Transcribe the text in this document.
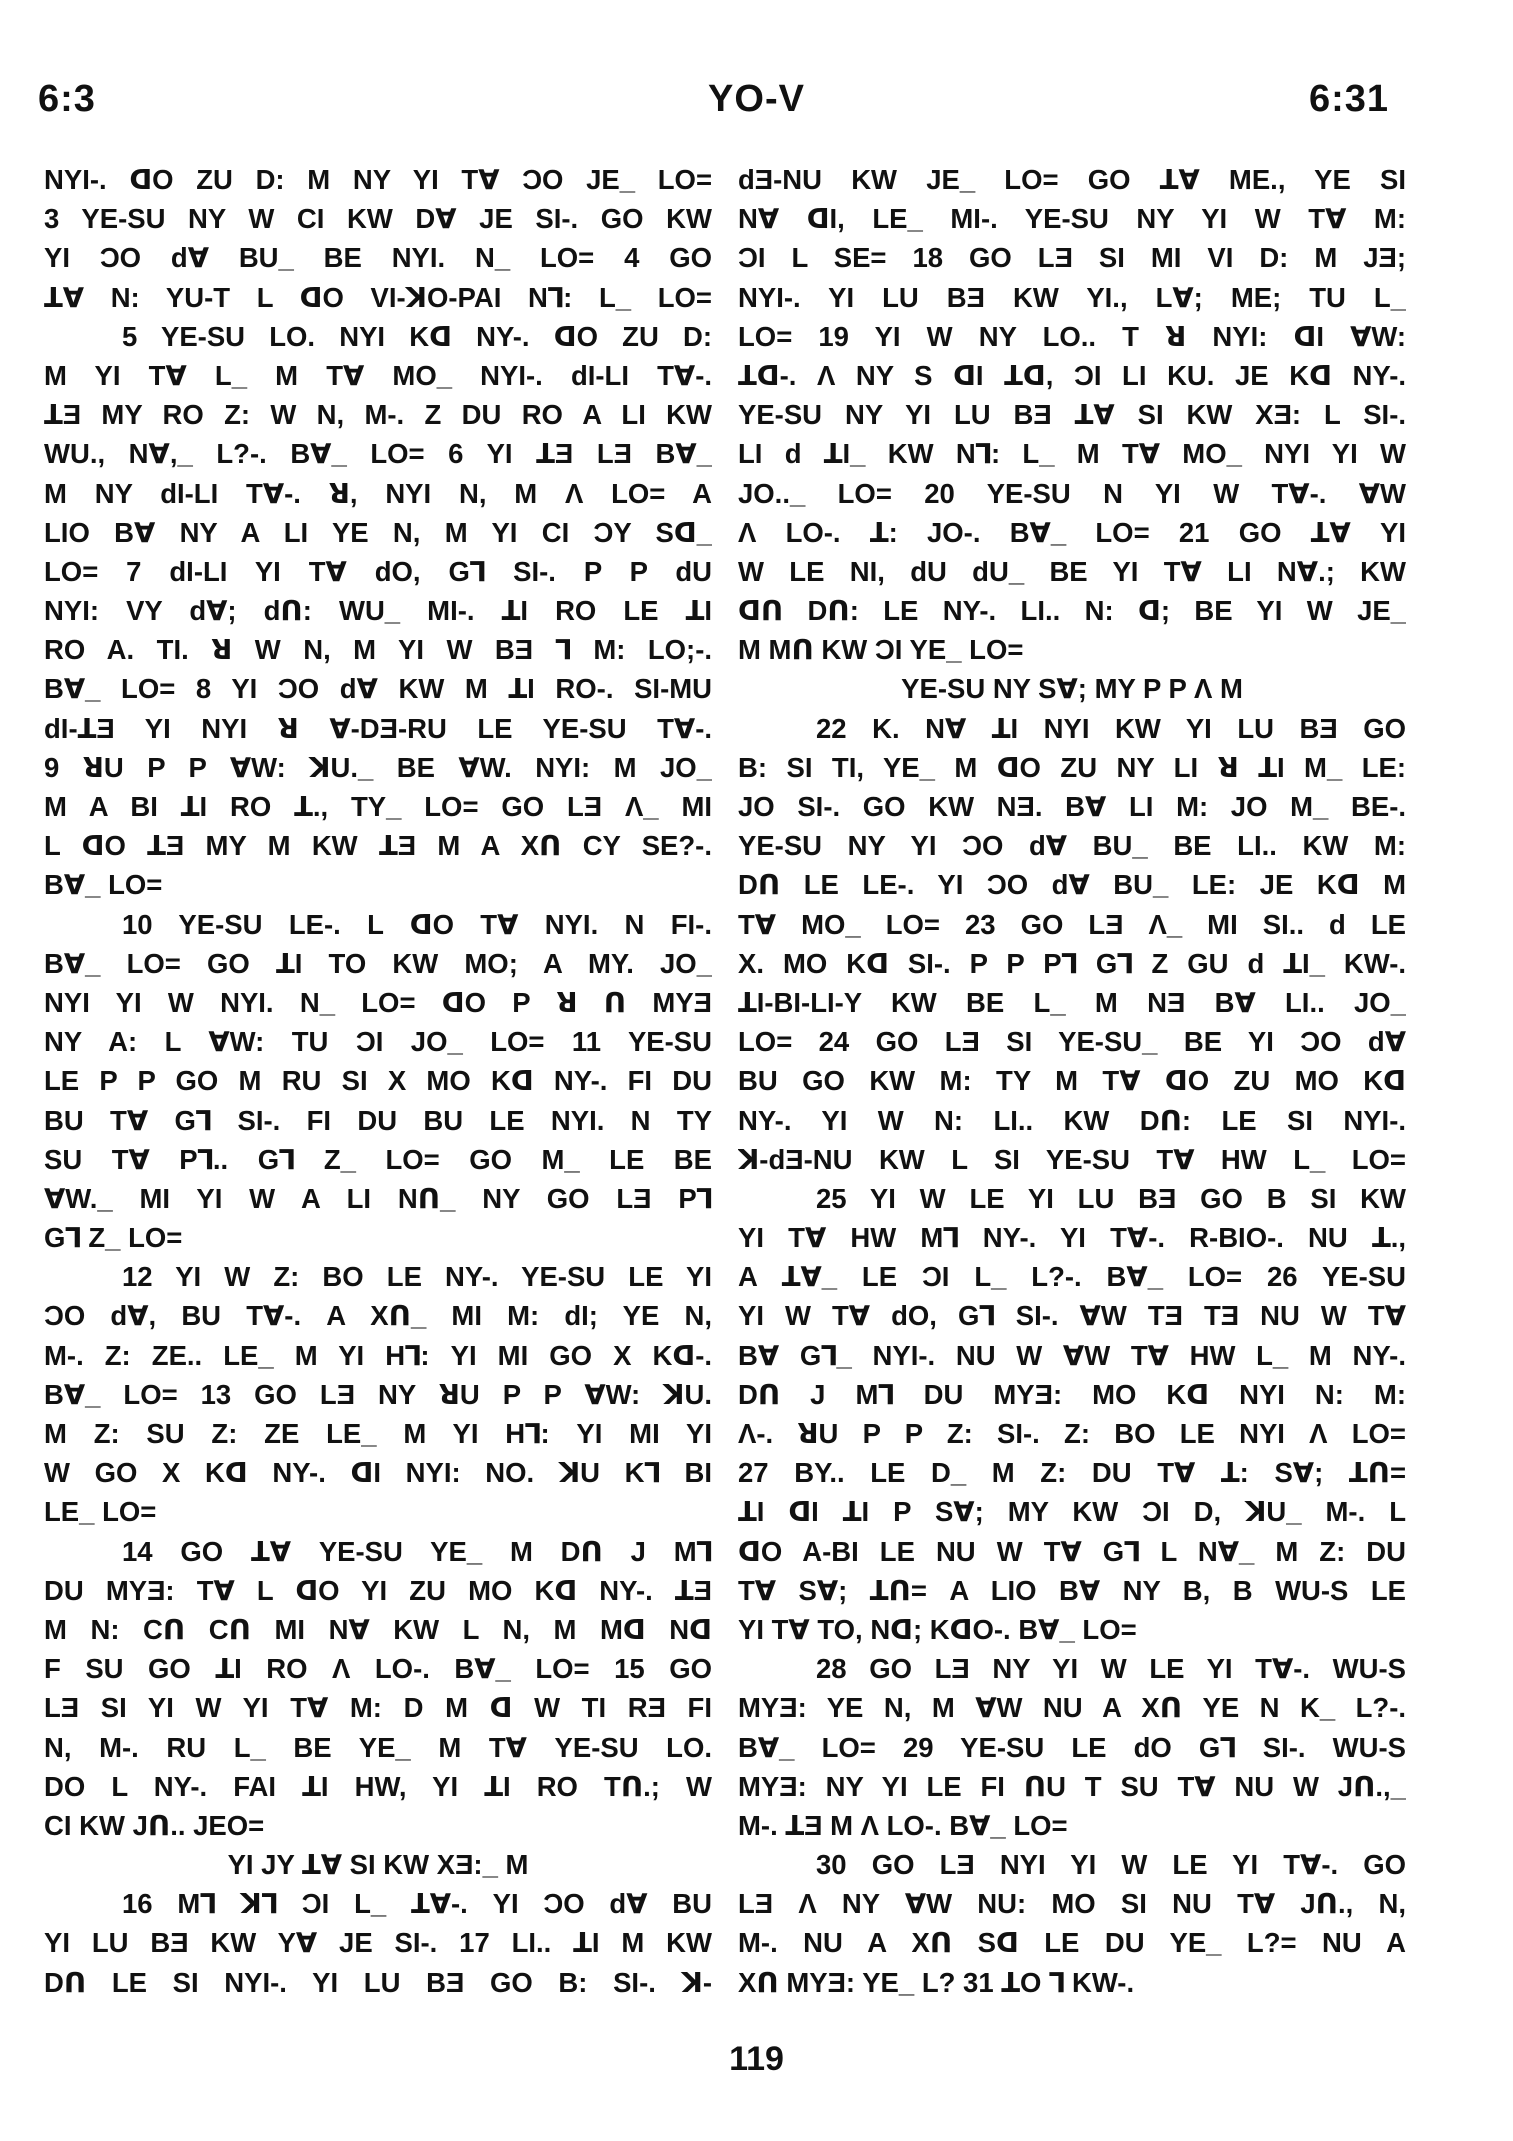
6:3	YO-V	6:31
NYI-. ꓷO ZU D: M NY YI Tꓯ ƆO JE_ LO=
3 YE-SU NY W CI KW Dꓯ JE SI-. GO KW
YI ƆO dꓯ BU_ BE NYI. N_ LO= 4 GO
ꓕꓯ N: YU-T L ꓷO VI-ꓘO-PAI Nꓶ: L_ LO=
5 YE-SU LO. NYI Kꓷ NY-. ꓷO ZU D:
M YI Tꓯ L_ M Tꓯ MO_ NYI-. dI-LI Tꓯ-.
ꓕƎ MY RO Z: W N, M-. Z DU RO A LI KW
WU., Nꓯ,_ L?-. Bꓯ_ LO= 6 YI ꓕƎ LƎ Bꓯ_
M NY dI-LI Tꓯ-. ꓤ, NYI N, M Ʌ LO= A
LIO Bꓯ NY A LI YE N, M YI CI ƆY Sꓷ_
LO= 7 dI-LI YI Tꓯ dO, Gꓶ SI-. P P dU
NYI: VY dꓯ; dꓵ: WU_ MI-. ꓕI RO LE ꓕI
RO A. TI. ꓤ W N, M YI W BƎ ꓶ M: LO;-.
Bꓯ_ LO= 8 YI ƆO dꓯ KW M ꓕI RO-. SI-MU
dI-ꓕƎ YI NYI ꓤ ꓯ-DƎ-RU LE YE-SU Tꓯ-.
9 ꓤU P P ꓯW: ꓘU._ BE ꓯW. NYI: M JO_
M A BI ꓕI RO ꓕ., TY_ LO= GO LƎ Ʌ_ MI
L ꓷO ꓕƎ MY M KW ꓕƎ M A Xꓵ CY SE?-.
Bꓯ_ LO=
10 YE-SU LE-. L ꓷO Tꓯ NYI. N FI-.
Bꓯ_ LO= GO ꓕI TO KW MO; A MY. JO_
NYI YI W NYI. N_ LO= ꓷO P ꓤ ꓵ MYƎ
NY A: L ꓯW: TU ƆI JO_ LO= 11 YE-SU
LE P P GO M RU SI X MO Kꓷ NY-. FI DU
BU Tꓯ Gꓶ SI-. FI DU BU LE NYI. N TY
SU Tꓯ Pꓶ.. Gꓶ Z_ LO= GO M_ LE BE
ꓯW._ MI YI W A LI Nꓵ_ NY GO LƎ Pꓶ
Gꓶ Z_ LO=
12 YI W Z: BO LE NY-. YE-SU LE YI
ƆO dꓯ, BU Tꓯ-. A Xꓵ_ MI M: dI; YE N,
M-. Z: ZE.. LE_ M YI Hꓶ: YI MI GO X Kꓷ-.
Bꓯ_ LO= 13 GO LƎ NY ꓤU P P ꓯW: ꓘU.
M Z: SU Z: ZE LE_ M YI Hꓶ: YI MI YI
W GO X Kꓷ NY-. ꓷI NYI: NO. ꓘU Kꓶ BI
LE_ LO=
14 GO ꓕꓯ YE-SU YE_ M Dꓵ J Mꓶ
DU MYƎ: Tꓯ L ꓷO YI ZU MO Kꓷ NY-. ꓕƎ
M N: Cꓵ Cꓵ MI Nꓯ KW L N, M Mꓷ Nꓷ
F SU GO ꓕI RO Ʌ LO-. Bꓯ_ LO= 15 GO
LƎ SI YI W YI Tꓯ M: D M ꓷ W TI RƎ FI
N, M-. RU L_ BE YE_ M Tꓯ YE-SU LO.
DO L NY-. FAI ꓕI HW, YI ꓕI RO Tꓵ.; W
CI KW Jꓵ.. JEO=
YI JY ꓕꓯ SI KW XƎ:_ M
16 Mꓶ ꓘꓶ ƆI L_ ꓕꓯ-. YI ƆO dꓯ BU
YI LU BƎ KW Yꓯ JE SI-. 17 LI.. ꓕI M KW
Dꓵ LE SI NYI-. YI LU BƎ GO B: SI-. ꓘ-
dƎ-NU KW JE_ LO= GO ꓕꓯ ME., YE SI
Nꓯ ꓷI, LE_ MI-. YE-SU NY YI W Tꓯ M:
ƆI L SE= 18 GO LƎ SI MI VI D: M JƎ;
NYI-. YI LU BƎ KW YI., Lꓯ; ME; TU L_
LO= 19 YI W NY LO.. T ꓤ NYI: ꓷI ꓯW:
ꓕꓷ-. Ʌ NY S ꓷI ꓕꓷ, ƆI LI KU. JE Kꓷ NY-.
YE-SU NY YI LU BƎ ꓕꓯ SI KW XƎ: L SI-.
LI d ꓕI_ KW Nꓶ: L_ M Tꓯ MO_ NYI YI W
JO.._ LO= 20 YE-SU N YI W Tꓯ-. ꓯW
Ʌ LO-. ꓕ: JO-. Bꓯ_ LO= 21 GO ꓕꓯ YI
W LE NI, dU dU_ BE YI Tꓯ LI Nꓯ.; KW
ꓷꓵ Dꓵ: LE NY-. LI.. N: ꓷ; BE YI W JE_
M Mꓵ KW ƆI YE_ LO=
YE-SU NY Sꓯ; MY P P Ʌ M
22 K. Nꓯ ꓕI NYI KW YI LU BƎ GO
B: SI TI, YE_ M ꓷO ZU NY LI ꓤ ꓕI M_ LE:
JO SI-. GO KW NƎ. Bꓯ LI M: JO M_ BE-.
YE-SU NY YI ƆO dꓯ BU_ BE LI.. KW M:
Dꓵ LE LE-. YI ƆO dꓯ BU_ LE: JE Kꓷ M
Tꓯ MO_ LO= 23 GO LƎ Ʌ_ MI SI.. d LE
X. MO Kꓷ SI-. P P Pꓶ Gꓶ Z GU d ꓕI_ KW-.
ꓕI-BI-LI-Y KW BE L_ M NƎ Bꓯ LI.. JO_
LO= 24 GO LƎ SI YE-SU_ BE YI ƆO dꓯ
BU GO KW M: TY M Tꓯ ꓷO ZU MO Kꓷ
NY-. YI W N: LI.. KW Dꓵ: LE SI NYI-.
ꓘ-dƎ-NU KW L SI YE-SU Tꓯ HW L_ LO=
25 YI W LE YI LU BƎ GO B SI KW
YI Tꓯ HW Mꓶ NY-. YI Tꓯ-. R-BIO-. NU ꓕ.,
A ꓕꓯ_ LE ƆI L_ L?-. Bꓯ_ LO= 26 YE-SU
YI W Tꓯ dO, Gꓶ SI-. ꓯW TƎ TƎ NU W Tꓯ
Bꓯ Gꓶ_ NYI-. NU W ꓯW Tꓯ HW L_ M NY-.
Dꓵ J Mꓶ DU MYƎ: MO Kꓷ NYI N: M:
Ʌ-. ꓤU P P Z: SI-. Z: BO LE NYI Ʌ LO=
27 BY.. LE D_ M Z: DU Tꓯ ꓕ: Sꓯ; ꓕꓵ=
ꓕI ꓷI ꓕI P Sꓯ; MY KW ƆI D, ꓘU_ M-. L
ꓷO A-BI LE NU W Tꓯ Gꓶ L Nꓯ_ M Z: DU
Tꓯ Sꓯ; ꓕꓵ= A LIO Bꓯ NY B, B WU-S LE
YI Tꓯ TO, Nꓷ; KꓷO-. Bꓯ_ LO=
28 GO LƎ NY YI W LE YI Tꓯ-. WU-S
MYƎ: YE N, M ꓯW NU A Xꓵ YE N K_ L?-.
Bꓯ_ LO= 29 YE-SU LE dO Gꓶ SI-. WU-S
MYƎ: NY YI LE FI ꓵU T SU Tꓯ NU W Jꓵ.,_
M-. ꓕƎ M Ʌ LO-. Bꓯ_ LO=
30 GO LƎ NYI YI W LE YI Tꓯ-. GO
LƎ Ʌ NY ꓯW NU: MO SI NU Tꓯ Jꓵ., N,
M-. NU A Xꓵ Sꓷ LE DU YE_ L?= NU A
Xꓵ MYƎ: YE_ L? 31 ꓕO ꓶ KW-.
119
